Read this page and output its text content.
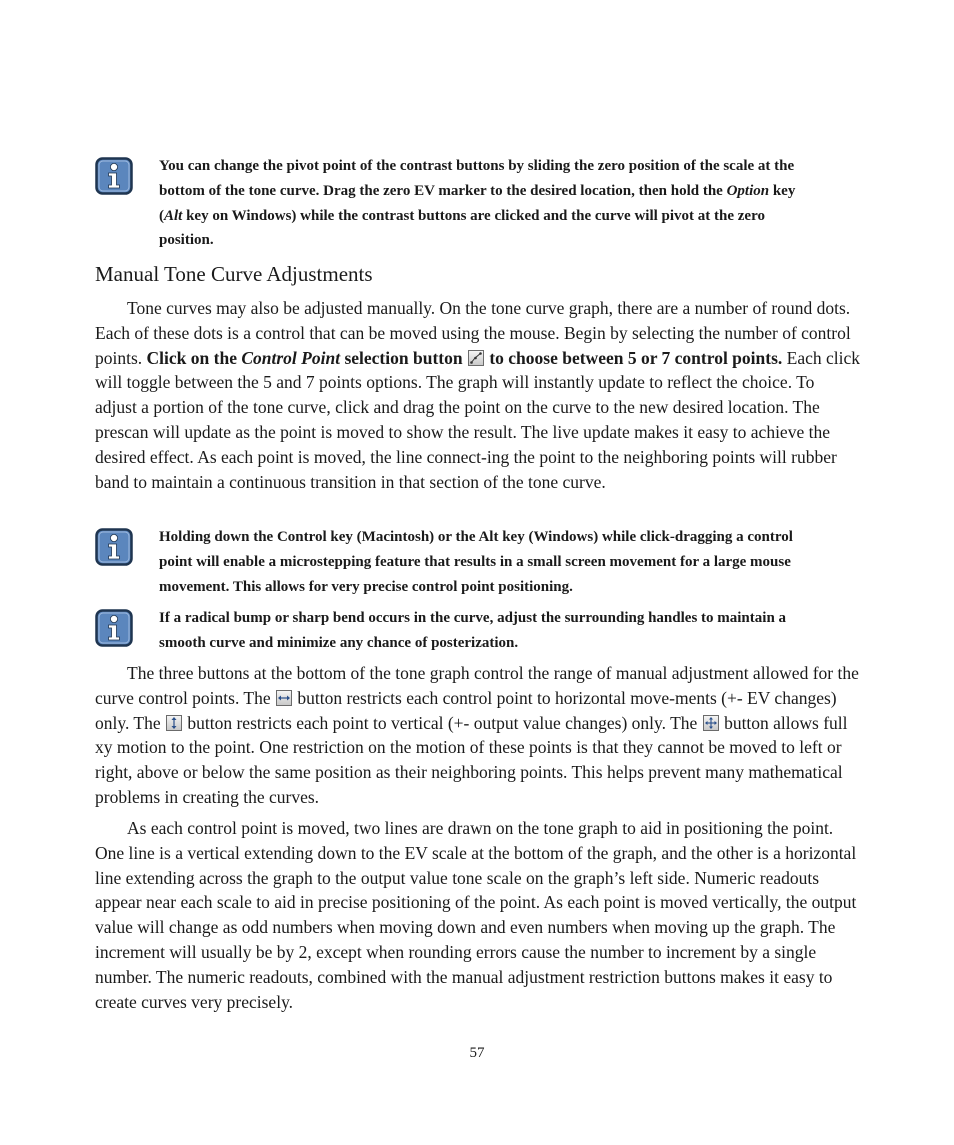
You can change the pivot point of the contrast buttons by sliding the zero position of the scale at the bottom of the tone curve. Drag the zero EV marker to the desired location, then hold the Option key (Alt key on Windows) while the contrast buttons are clicked and the curve will pivot at the zero position.
Manual Tone Curve Adjustments

Tone curves may also be adjusted manually. On the tone curve graph, there are a number of round dots. Each of these dots is a control that can be moved using the mouse. Begin by selecting the number of control points. Click on the Control Point selection button
to choose between 5 or 7 control points. Each click will toggle between the 5 and 7 points options. The graph will instantly update to reflect the choice. To adjust a portion of the tone curve, click and drag the point on the curve to the new desired location. The prescan will update as the point is moved to show the result. The live update makes it easy to achieve the desired effect. As each point is moved, the line connect-ing the point to the neighboring points will rubber band to maintain a continuous transition in that section of the tone curve.

Holding down the Control key (Macintosh) or the Alt key (Windows) while click-dragging a control point will enable a microstepping feature that results in a small screen movement for a large mouse movement. This allows for very precise control point positioning.
If a radical bump or sharp bend occurs in the curve, adjust the surrounding handles to maintain a smooth curve and minimize any chance of posterization.

The three buttons at the bottom of the tone graph control the range of manual adjustment allowed for the curve control points. The
button restricts each control point to horizontal move-ments (+- EV changes) only. The
button restricts each point to vertical (+- output value changes) only. The
button allows full xy motion to the point. One restriction on the motion of these points is that they cannot be moved to left or right, above or below the same position as their neighboring points. This helps prevent many mathematical problems in creating the curves.

As each control point is moved, two lines are drawn on the tone graph to aid in positioning the point. One line is a vertical extending down to the EV scale at the bottom of the graph, and the other is a horizontal line extending across the graph to the output value tone scale on the graph’s left side. Numeric readouts appear near each scale to aid in precise positioning of the point. As each point is moved vertically, the output value will change as odd numbers when moving down and even numbers when moving up the graph. The increment will usually be by 2, except when rounding errors cause the number to increment by a single number. The numeric readouts, combined with the manual adjustment restriction buttons makes it easy to create curves very precisely.

57
